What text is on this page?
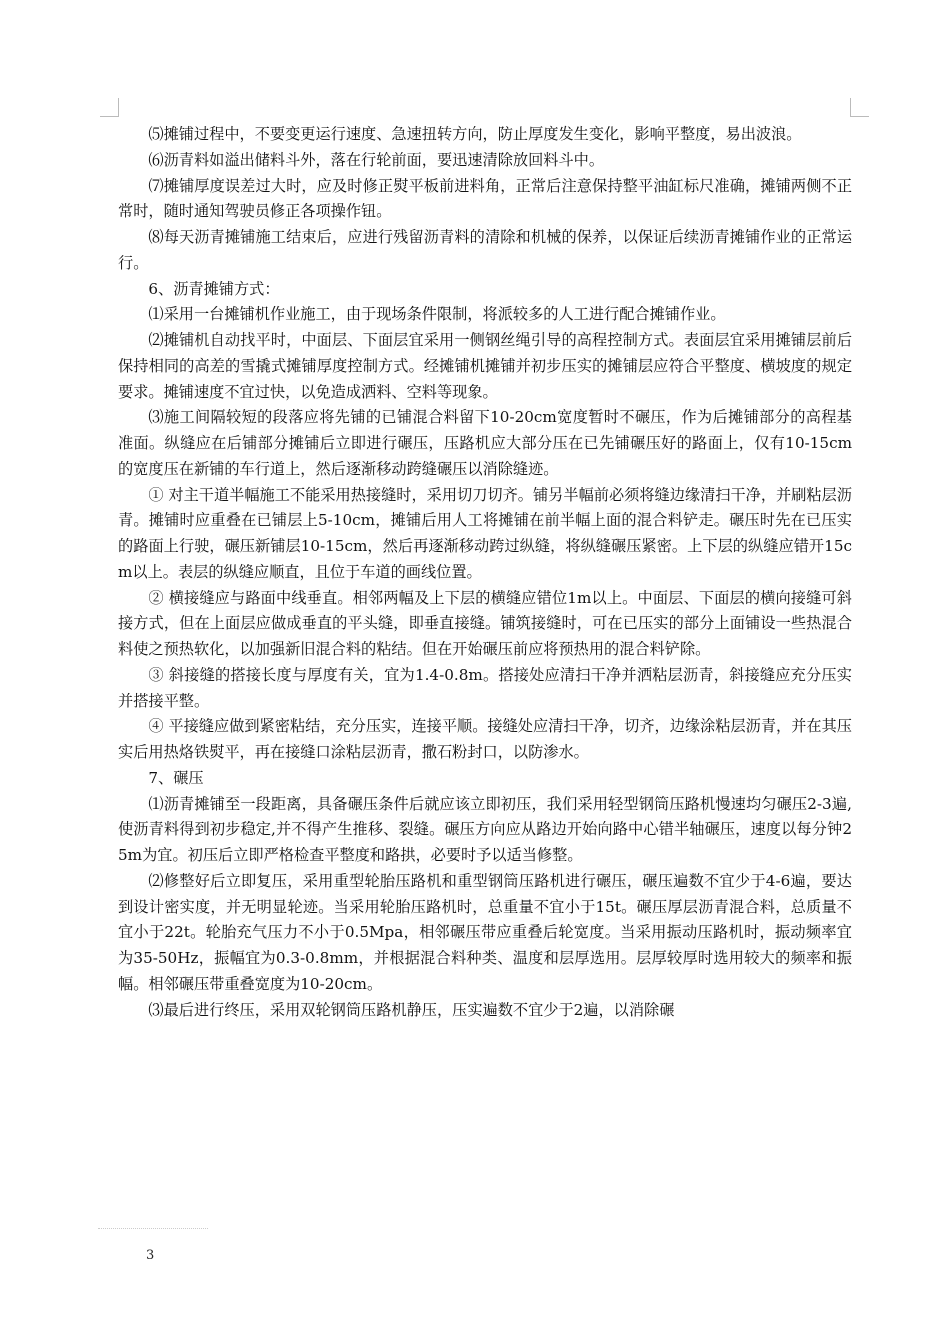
⑸摊铺过程中，不要变更运行速度、急速扭转方向，防止厚度发生变化，影响平整度，易出波浪。

⑹沥青料如溢出储料斗外，落在行轮前面，要迅速清除放回料斗中。

⑺摊铺厚度误差过大时，应及时修正熨平板前进料角，正常后注意保持整平油缸标尺准确，摊铺两侧不正常时，随时通知驾驶员修正各项操作钮。

⑻每天沥青摊铺施工结束后，应进行残留沥青料的清除和机械的保养，以保证后续沥青摊铺作业的正常运行。

6、沥青摊铺方式：

⑴采用一台摊铺机作业施工，由于现场条件限制，将派较多的人工进行配合摊铺作业。

⑵摊铺机自动找平时，中面层、下面层宜采用一侧钢丝绳引导的高程控制方式。表面层宜采用摊铺层前后保持相同的高差的雪撬式摊铺厚度控制方式。经摊铺机摊铺并初步压实的摊铺层应符合平整度、横坡度的规定要求。摊铺速度不宜过快，以免造成洒料、空料等现象。

⑶施工间隔较短的段落应将先铺的已铺混合料留下10-20cm宽度暂时不碾压，作为后摊铺部分的高程基准面。纵缝应在后铺部分摊铺后立即进行碾压，压路机应大部分压在已先铺碾压好的路面上，仅有10-15cm的宽度压在新铺的车行道上，然后逐渐移动跨缝碾压以消除缝迹。

① 对主干道半幅施工不能采用热接缝时，采用切刀切齐。铺另半幅前必须将缝边缘清扫干净，并刷粘层沥青。摊铺时应重叠在已铺层上5-10cm，摊铺后用人工将摊铺在前半幅上面的混合料铲走。碾压时先在已压实的路面上行驶，碾压新铺层10-15cm，然后再逐渐移动跨过纵缝，将纵缝碾压紧密。上下层的纵缝应错开15cm以上。表层的纵缝应顺直，且位于车道的画线位置。

② 横接缝应与路面中线垂直。相邻两幅及上下层的横缝应错位1m以上。中面层、下面层的横向接缝可斜接方式，但在上面层应做成垂直的平头缝，即垂直接缝。铺筑接缝时，可在已压实的部分上面铺设一些热混合料使之预热软化，以加强新旧混合料的粘结。但在开始碾压前应将预热用的混合料铲除。

③ 斜接缝的搭接长度与厚度有关，宜为1.4-0.8m。搭接处应清扫干净并洒粘层沥青，斜接缝应充分压实并搭接平整。

④ 平接缝应做到紧密粘结，充分压实，连接平顺。接缝处应清扫干净，切齐，边缘涂粘层沥青，并在其压实后用热烙铁熨平，再在接缝口涂粘层沥青，撒石粉封口，以防渗水。

7、碾压

⑴沥青摊铺至一段距离，具备碾压条件后就应该立即初压，我们采用轻型钢筒压路机慢速均匀碾压2-3遍,使沥青料得到初步稳定,并不得产生推移、裂缝。碾压方向应从路边开始向路中心错半轴碾压，速度以每分钟25m为宜。初压后立即严格检查平整度和路拱，必要时予以适当修整。

⑵修整好后立即复压，采用重型轮胎压路机和重型钢筒压路机进行碾压，碾压遍数不宜少于4-6遍，要达到设计密实度，并无明显轮迹。当采用轮胎压路机时，总重量不宜小于15t。碾压厚层沥青混合料，总质量不宜小于22t。轮胎充气压力不小于0.5Mpa，相邻碾压带应重叠后轮宽度。当采用振动压路机时，振动频率宜为35-50Hz，振幅宜为0.3-0.8mm，并根据混合料种类、温度和层厚选用。层厚较厚时选用较大的频率和振幅。相邻碾压带重叠宽度为10-20cm。

⑶最后进行终压，采用双轮钢筒压路机静压，压实遍数不宜少于2遍，以消除碾

3
